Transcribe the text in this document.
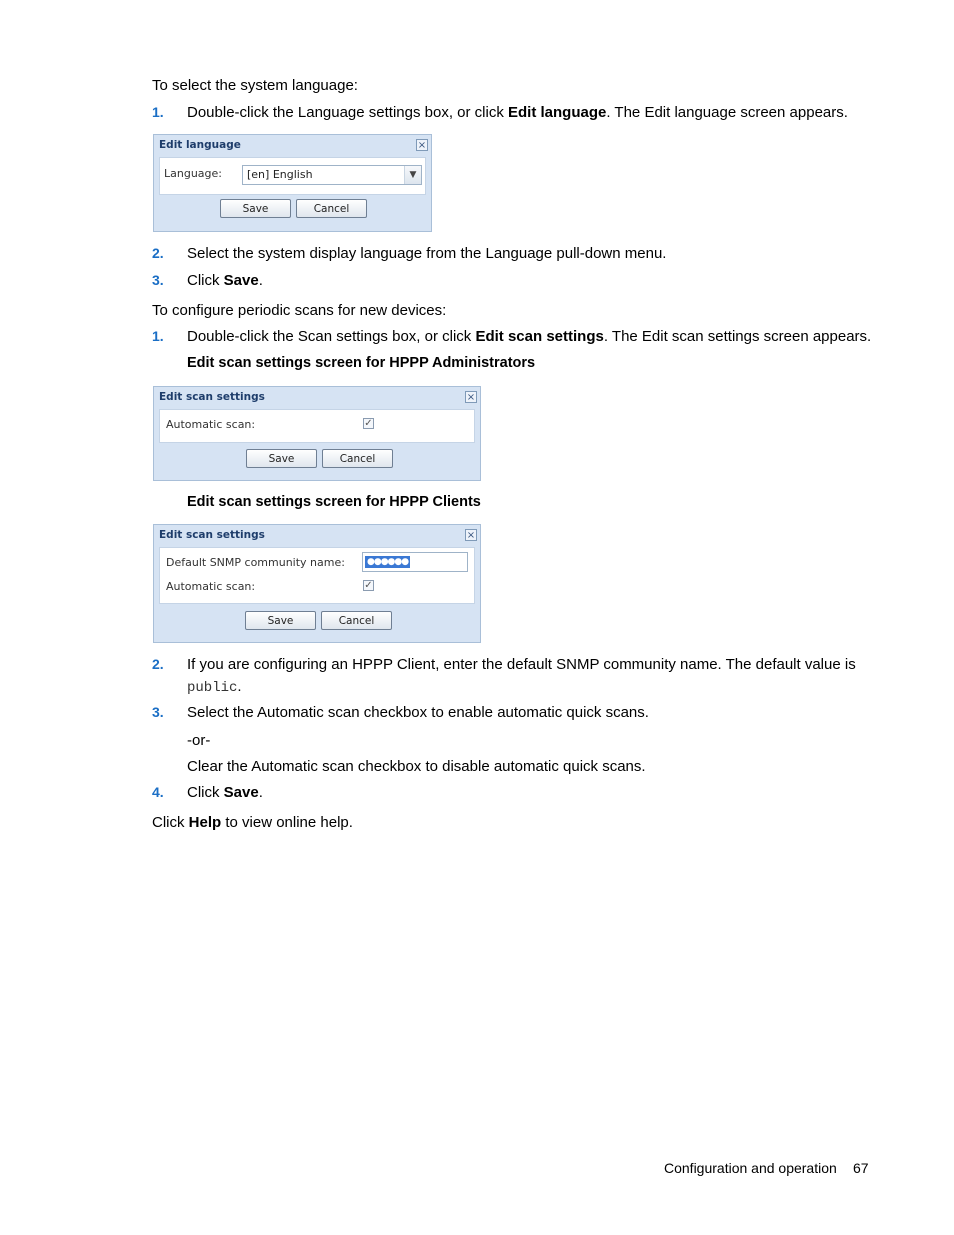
To select the system language:
1. Double-click the Language settings box, or click Edit language. The Edit language screen appears.
Edit language	×
Language:	[en] English	▼
Save	Cancel
2. Select the system display language from the Language pull-down menu.
3. Click Save.
To configure periodic scans for new devices:
1. Double-click the Scan settings box, or click Edit scan settings. The Edit scan settings screen appears.
Edit scan settings screen for HPPP Administrators
Edit scan settings	×
Automatic scan:	✓
Save	Cancel
Edit scan settings screen for HPPP Clients
Edit scan settings	×
Default SNMP community name: ●●●●●●
Automatic scan:	✓
Save	Cancel
2. If you are configuring an HPPP Client, enter the default SNMP community name. The default value is
public.
3. Select the Automatic scan checkbox to enable automatic quick scans.
-or-
Clear the Automatic scan checkbox to disable automatic quick scans.
4. Click Save.
Click Help to view online help.
Configuration and operation 67
